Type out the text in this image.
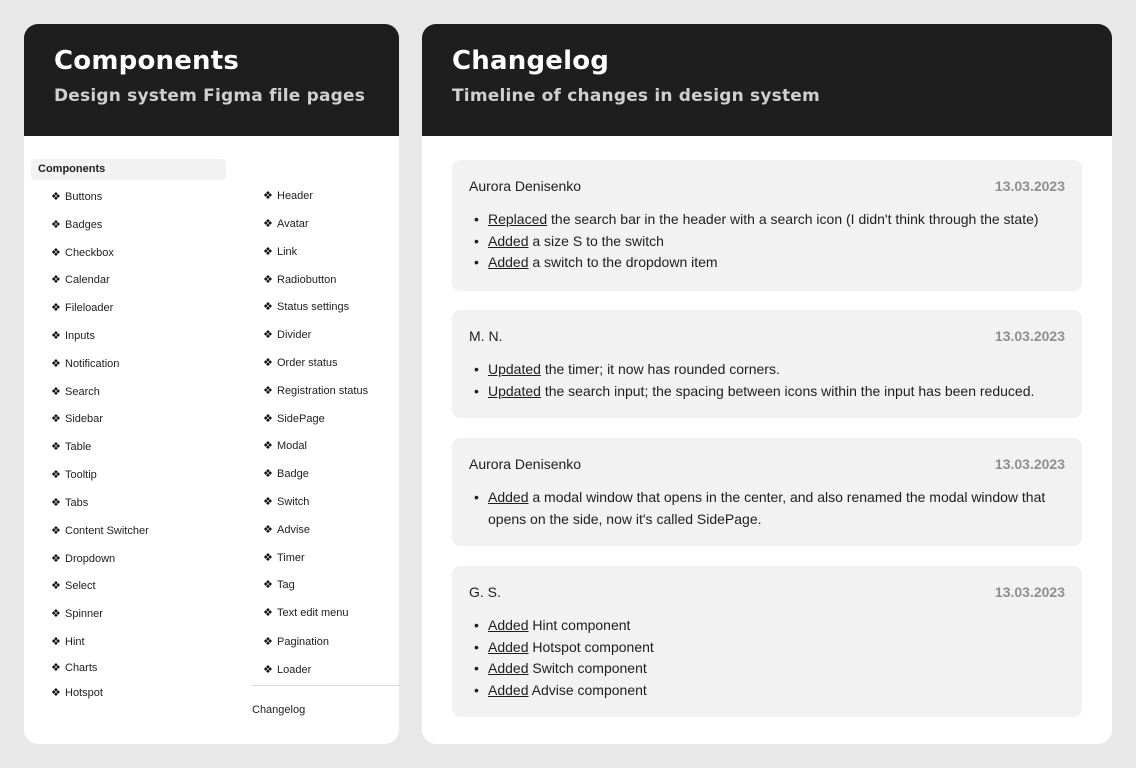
Components
Design system Figma file pages
Components
❖ Buttons
❖ Badges
❖ Checkbox
❖ Calendar
❖ Fileloader
❖ Inputs
❖ Notification
❖ Search
❖ Sidebar
❖ Table
❖ Tooltip
❖ Tabs
❖ Content Switcher
❖ Dropdown
❖ Select
❖ Spinner
❖ Hint
❖ Charts
❖ Hotspot
❖ Header
❖ Avatar
❖ Link
❖ Radiobutton
❖ Status settings
❖ Divider
❖ Order status
❖ Registration status
❖ SidePage
❖ Modal
❖ Badge
❖ Switch
❖ Advise
❖ Timer
❖ Tag
❖ Text edit menu
❖ Pagination
❖ Loader
Changelog
Changelog
Timeline of changes in design system
Aurora Denisenko	13.03.2023
• Replaced the search bar in the header with a search icon (I didn't think through the state)
• Added a size S to the switch
• Added a switch to the dropdown item
M. N.	13.03.2023
• Updated the timer; it now has rounded corners.
• Updated the search input; the spacing between icons within the input has been reduced.
Aurora Denisenko	13.03.2023
• Added a modal window that opens in the center, and also renamed the modal window that opens on the side, now it's called SidePage.
G. S.	13.03.2023
• Added Hint component
• Added Hotspot component
• Added Switch component
• Added Advise component
